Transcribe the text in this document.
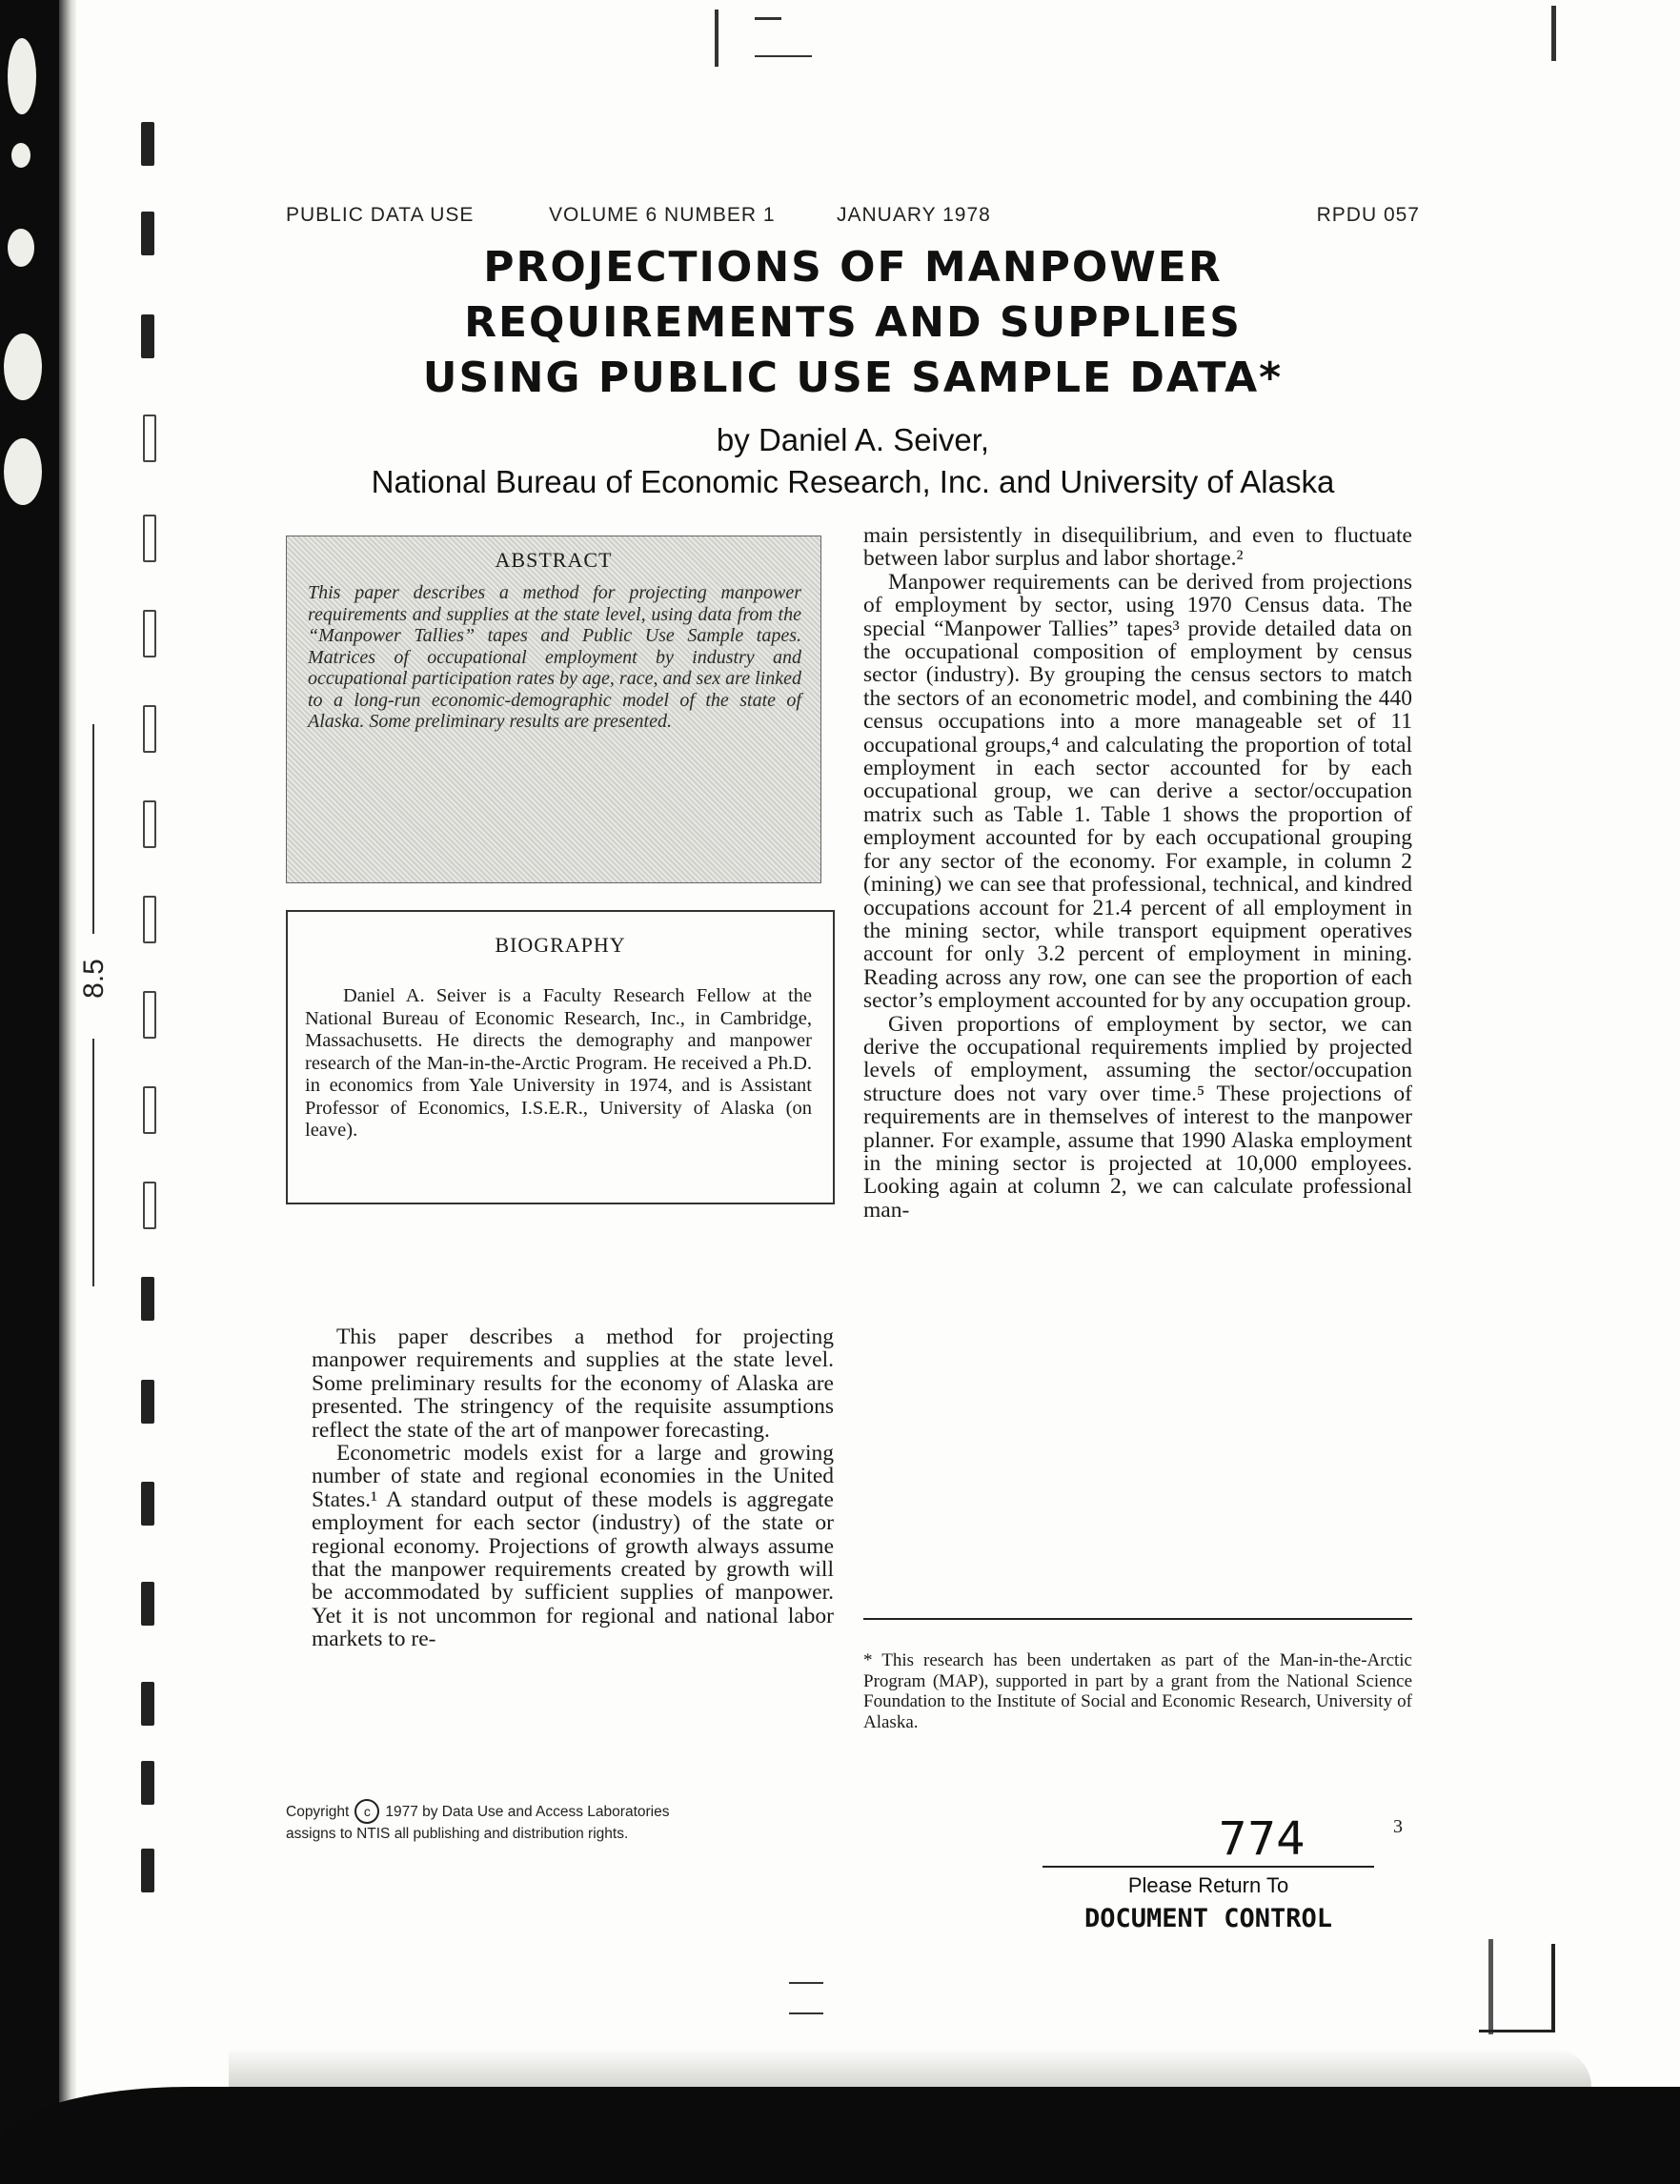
8.5
PUBLIC DATA USE	VOLUME 6 NUMBER 1	JANUARY 1978	RPDU 057
PROJECTIONS OF MANPOWER
REQUIREMENTS AND SUPPLIES
USING PUBLIC USE SAMPLE DATA*
by Daniel A. Seiver,
National Bureau of Economic Research, Inc. and University of Alaska
ABSTRACT
This paper describes a method for projecting manpower requirements and supplies at the state level, using data from the “Manpower Tallies” tapes and Public Use Sample tapes. Matrices of occupational employment by industry and occupational participation rates by age, race, and sex are linked to a long-run economic-demographic model of the state of Alaska. Some preliminary results are presented.
BIOGRAPHY
Daniel A. Seiver is a Faculty Research Fellow at the National Bureau of Economic Research, Inc., in Cambridge, Massachusetts. He directs the demography and manpower research of the Man-in-the-Arctic Program. He received a Ph.D. in economics from Yale University in 1974, and is Assistant Professor of Economics, I.S.E.R., University of Alaska (on leave).

This paper describes a method for projecting manpower requirements and supplies at the state level. Some preliminary results for the economy of Alaska are presented. The stringency of the requisite assumptions reflect the state of the art of manpower forecasting.

Econometric models exist for a large and growing number of state and regional economies in the United States.¹ A standard output of these models is aggregate employment for each sector (industry) of the state or regional economy. Projections of growth always assume that the manpower requirements created by growth will be accommodated by sufficient supplies of manpower. Yet it is not uncommon for regional and national labor markets to re-

main persistently in disequilibrium, and even to fluctuate between labor surplus and labor shortage.²

Manpower requirements can be derived from projections of employment by sector, using 1970 Census data. The special “Manpower Tallies” tapes³ provide detailed data on the occupational composition of employment by census sector (industry). By grouping the census sectors to match the sectors of an econometric model, and combining the 440 census occupations into a more manageable set of 11 occupational groups,⁴ and calculating the proportion of total employment in each sector accounted for by each occupational group, we can derive a sector/occupation matrix such as Table 1. Table 1 shows the proportion of employment accounted for by each occupational grouping for any sector of the economy. For example, in column 2 (mining) we can see that professional, technical, and kindred occupations account for 21.4 percent of all employment in the mining sector, while transport equipment operatives account for only 3.2 percent of employment in mining. Reading across any row, one can see the proportion of each sector’s employment accounted for by any occupation group.

Given proportions of employment by sector, we can derive the occupational requirements implied by projected levels of employment, assuming the sector/occupation structure does not vary over time.⁵ These projections of requirements are in themselves of interest to the manpower planner. For example, assume that 1990 Alaska employment in the mining sector is projected at 10,000 employees. Looking again at column 2, we can calculate professional man-

* This research has been undertaken as part of the Man-in-the-Arctic Program (MAP), supported in part by a grant from the National Science Foundation to the Institute of Social and Economic Research, University of Alaska.
Copyright c 1977 by Data Use and Access Laboratories
assigns to NTIS all publishing and distribution rights.	774	3
Please Return To
DOCUMENT CONTROL
